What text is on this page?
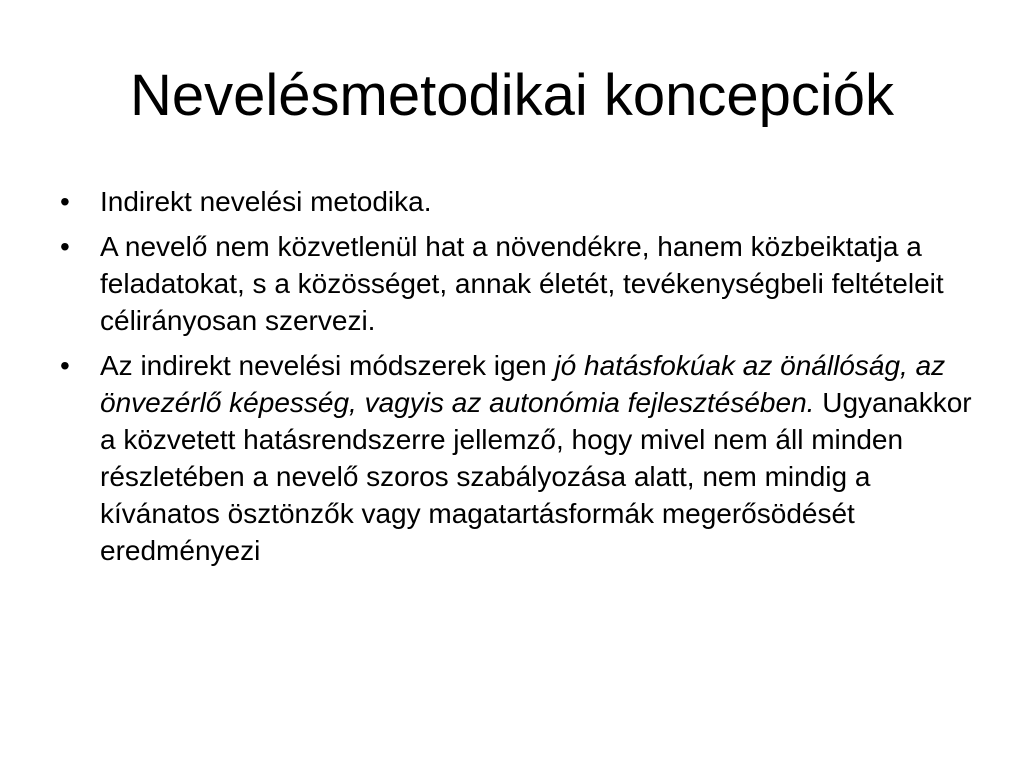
Nevelésmetodikai koncepciók
• Indirekt nevelési metodika.
• A nevelő nem közvetlenül hat a növendékre, hanem közbeiktatja a feladatokat, s a közösséget, annak életét, tevékenységbeli feltételeit célirányosan szervezi.
• Az indirekt nevelési módszerek igen jó hatásfokúak az önállóság, az önvezérlő képesség, vagyis az autonómia fejlesztésében. Ugyanakkor a közvetett hatásrendszerre jellemző, hogy mivel nem áll minden részletében a nevelő szoros szabályozása alatt, nem mindig a kívánatos ösztönzők vagy magatartásformák megerősödését eredményezi
